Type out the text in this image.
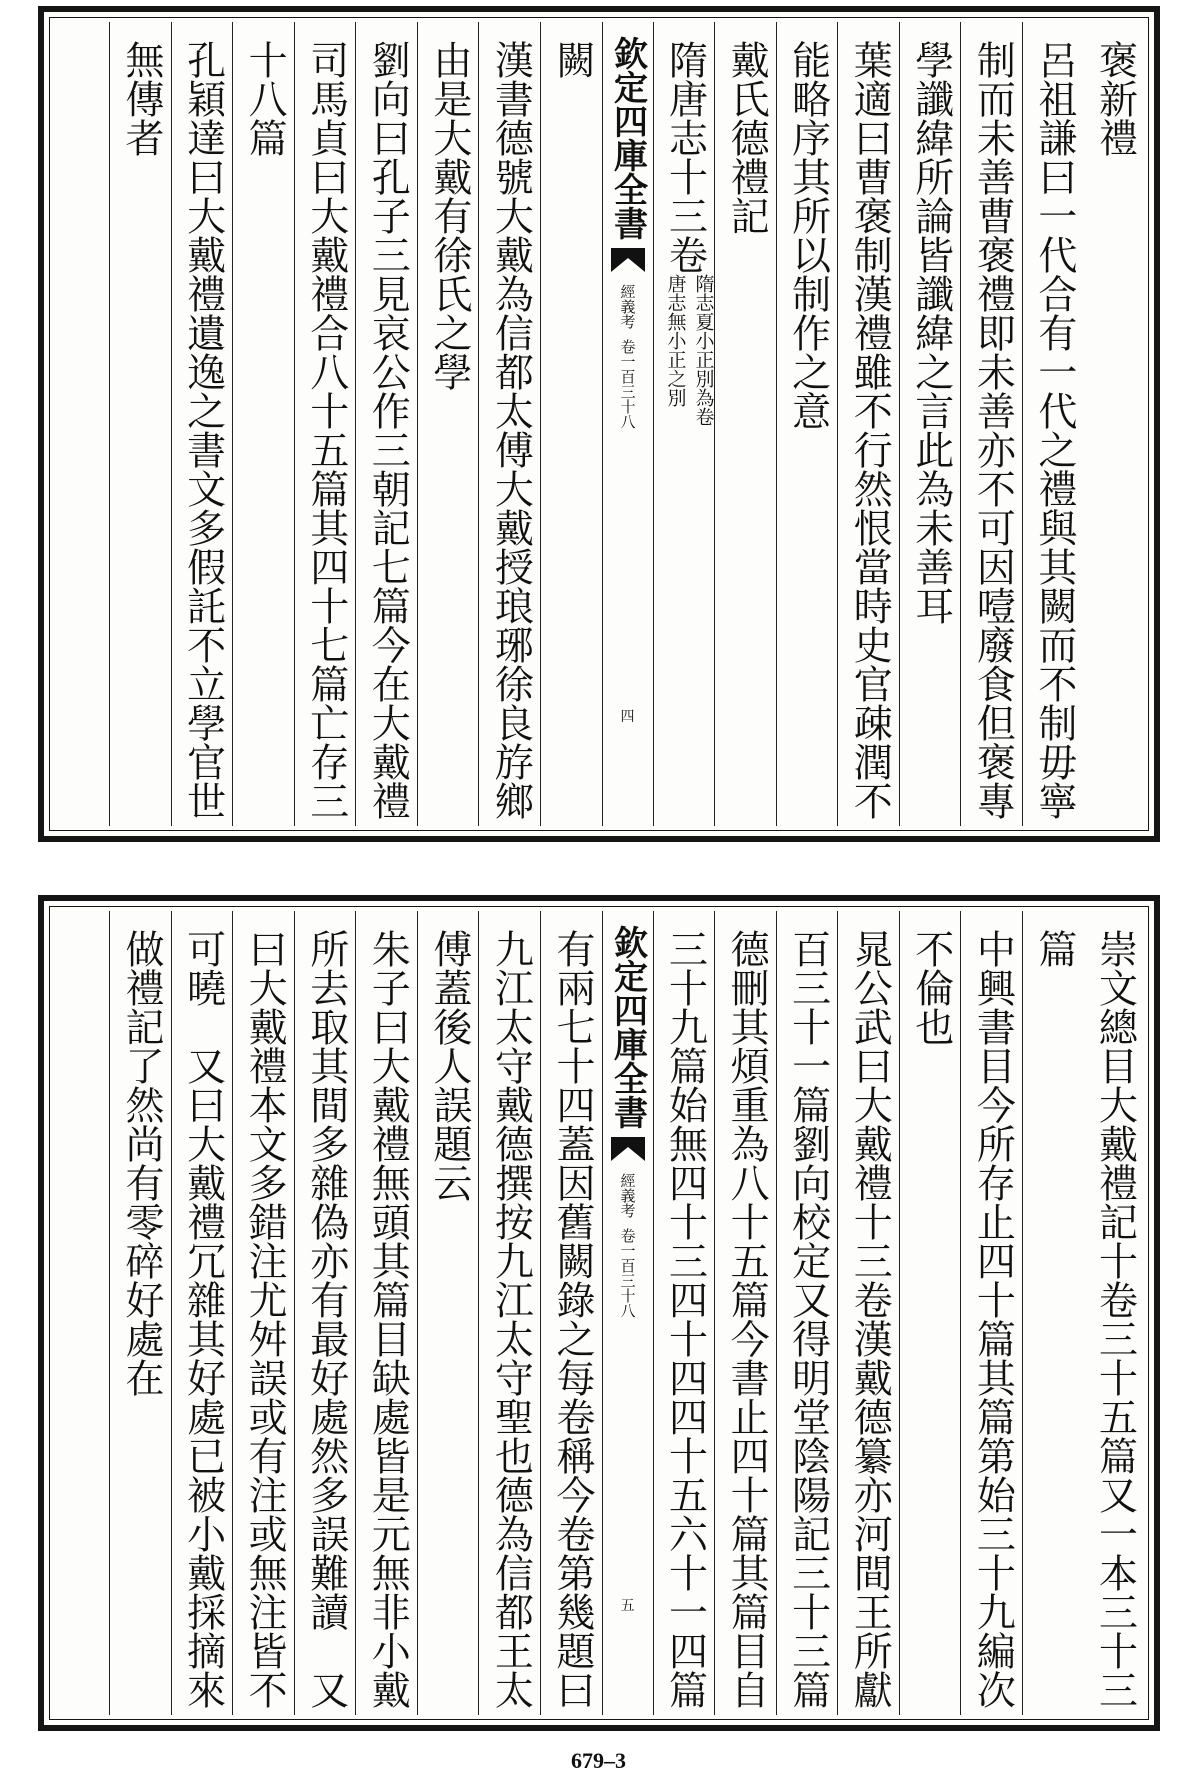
褒新禮
呂祖謙曰一代合有一代之禮與其闕而不制毋寧
制而未善曹褒禮即未善亦不可因噎廢食但褒專
學讖緯所論皆讖緯之言此為未善耳
葉適曰曹褒制漢禮雖不行然恨當時史官疎潤不
能略序其所以制作之意
戴氏德禮記
隋唐志十三卷
隋志夏小正別為卷
唐志無小正之別
欽定四庫全書
經義考
卷一百三十八
四
闕
漢書德號大戴為信都太傅大戴授琅琊徐良斿鄉
由是大戴有徐氏之學
劉向曰孔子三見哀公作三朝記七篇今在大戴禮
司馬貞曰大戴禮合八十五篇其四十七篇亡存三
十八篇
孔穎達曰大戴禮遺逸之書文多假託不立學官世
無傳者
崇文總目大戴禮記十卷三十五篇又一本三十三
篇
中興書目今所存止四十篇其篇第始三十九編次
不倫也
晁公武曰大戴禮十三卷漢戴德纂亦河間王所獻
百三十一篇劉向校定又得明堂陰陽記三十三篇
德刪其煩重為八十五篇今書止四十篇其篇目自
三十九篇始無四十三四十四四十五六十一四篇
欽定四庫全書
經義考
卷一百三十八
五
有兩七十四蓋因舊闕錄之每卷稱今卷第幾題曰
九江太守戴德撰按九江太守聖也德為信都王太
傅蓋後人誤題云
朱子曰大戴禮無頭其篇目缺處皆是元無非小戴
所去取其間多雜偽亦有最好處然多誤難讀　又
曰大戴禮本文多錯注尤舛誤或有注或無注皆不
可曉　又曰大戴禮冗雜其好處已被小戴採摘來
做禮記了然尚有零碎好處在
679–3
